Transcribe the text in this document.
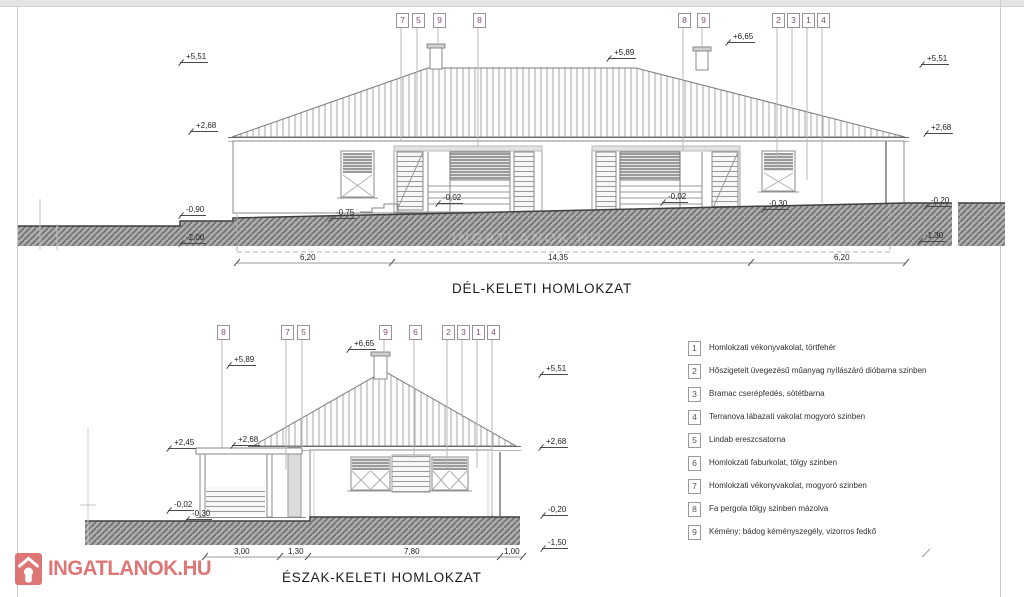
INGATLANOK.HU
7	5	9	8	8	9	2	3	1	4
+5,51
+2,68
+5,89
+6,65
+5,51
+2,68
-0,90
-2,00
-0,75
-0,02	-0,02
-0,30	-0,20
-1,30
6,20	14,35	6,20
DÉL-KELETI HOMLOKZAT
8	7	5	9	6	2	3	1	4
+5,89
+6,65
+5,51
+2,45	+2,68	+2,68
-0,02
-0,30	-0,20
-1,50
3,00	1,30	7,80	1,00
ÉSZAK-KELETI HOMLOKZAT
1	Homlokzati vékonyvakolat, törtfehér
2	Hőszigetelt üvegezésű műanyag nyílászáró dióbarna szinben
3	Bramac cserépfedés, sötétbarna
4	Terranova lábazati vakolat mogyoró szinben
5	Lindab ereszcsatorna
6	Homlokzati faburkolat, tölgy szinben
7	Homlokzati vékonyvakolat, mogyoró szinben
8	Fa pergola tölgy szinben mázolva
9	Kémény: bádog kéményszegély, vizorros fedkő
INGATLANOK.HU
